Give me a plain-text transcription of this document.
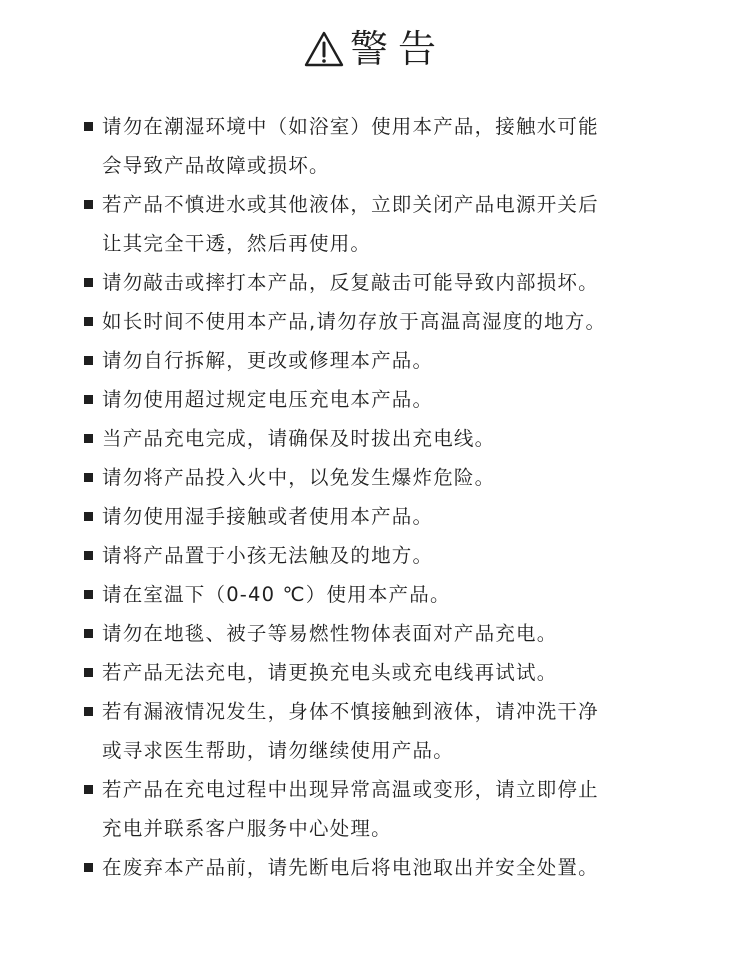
警告
请勿在潮湿环境中（如浴室）使用本产品，接触水可能
会导致产品故障或损坏。
若产品不慎进水或其他液体，立即关闭产品电源开关后
让其完全干透，然后再使用。
请勿敲击或摔打本产品，反复敲击可能导致内部损坏。
如长时间不使用本产品,请勿存放于高温高湿度的地方。
请勿自行拆解，更改或修理本产品。
请勿使用超过规定电压充电本产品。
当产品充电完成，请确保及时拔出充电线。
请勿将产品投入火中，以免发生爆炸危险。
请勿使用湿手接触或者使用本产品。
请将产品置于小孩无法触及的地方。
请在室温下（0-40 ℃）使用本产品。
请勿在地毯、被子等易燃性物体表面对产品充电。
若产品无法充电，请更换充电头或充电线再试试。
若有漏液情况发生，身体不慎接触到液体，请冲洗干净
或寻求医生帮助，请勿继续使用产品。
若产品在充电过程中出现异常高温或变形，请立即停止
充电并联系客户服务中心处理。
在废弃本产品前，请先断电后将电池取出并安全处置。
